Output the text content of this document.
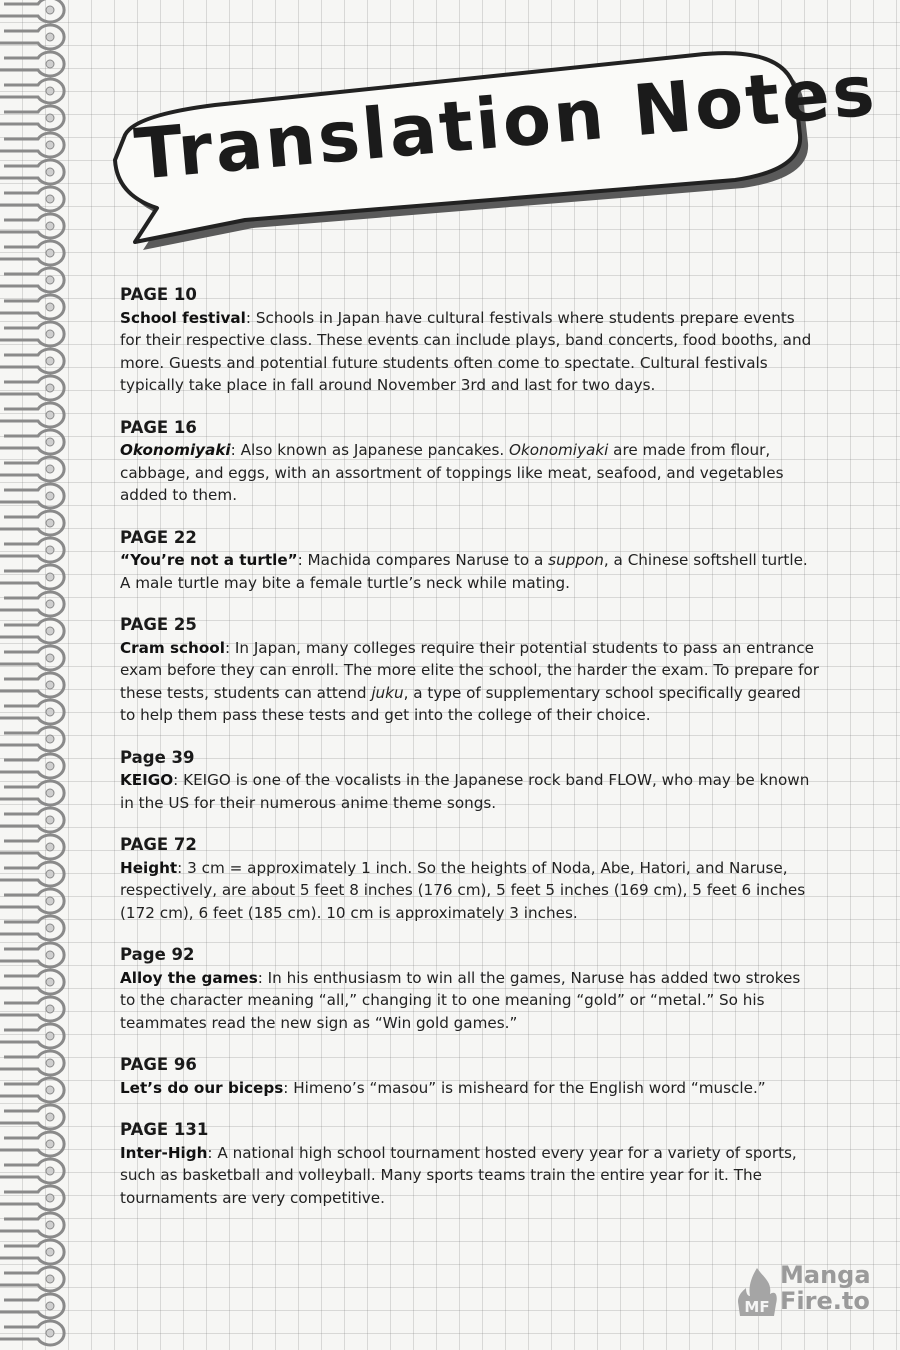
Translation Notes
PAGE 10

School festival: Schools in Japan have cultural festivals where students prepare events for their respective class. These events can include plays, band concerts, food booths, and more. Guests and potential future students often come to spectate. Cultural festivals typically take place in fall around November 3rd and last for two days.

PAGE 16

Okonomiyaki: Also known as Japanese pancakes. Okonomiyaki are made from flour, cabbage, and eggs, with an assortment of toppings like meat, seafood, and vegetables added to them.

PAGE 22

“You’re not a turtle”: Machida compares Naruse to a suppon, a Chinese softshell turtle. A male turtle may bite a female turtle’s neck while mating.

PAGE 25

Cram school: In Japan, many colleges require their potential students to pass an entrance exam before they can enroll. The more elite the school, the harder the exam. To prepare for these tests, students can attend juku, a type of supplementary school specifically geared to help them pass these tests and get into the college of their choice.

Page 39

KEIGO: KEIGO is one of the vocalists in the Japanese rock band FLOW, who may be known in the US for their numerous anime theme songs.

PAGE 72

Height: 3 cm = approximately 1 inch. So the heights of Noda, Abe, Hatori, and Naruse, respectively, are about 5 feet 8 inches (176 cm), 5 feet 5 inches (169 cm), 5 feet 6 inches (172 cm), 6 feet (185 cm). 10 cm is approximately 3 inches.

Page 92

Alloy the games: In his enthusiasm to win all the games, Naruse has added two strokes to the character meaning “all,” changing it to one meaning “gold” or “metal.” So his teammates read the new sign as “Win gold games.”

PAGE 96

Let’s do our biceps: Himeno’s “masou” is misheard for the English word “muscle.”

PAGE 131

Inter-High: A national high school tournament hosted every year for a variety of sports, such as basketball and volleyball. Many sports teams train the entire year for it. The tournaments are very competitive.

MF
Manga
Fire.to
